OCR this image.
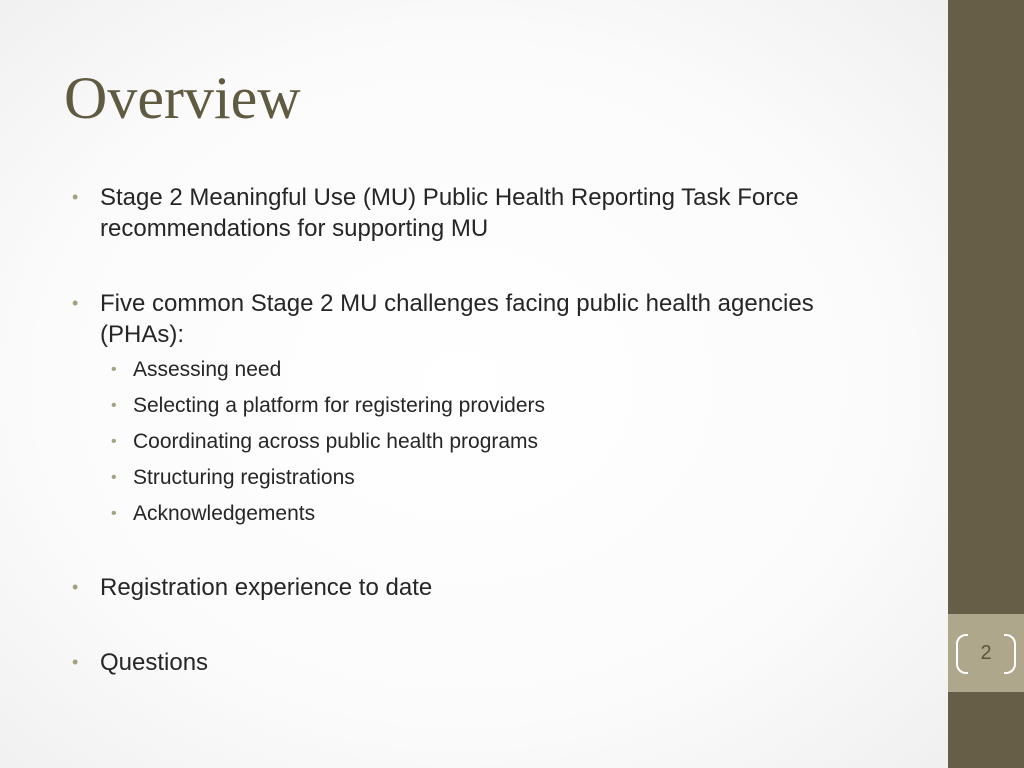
Overview
• Stage 2 Meaningful Use (MU) Public Health Reporting Task Force recommendations for supporting MU
• Five common Stage 2 MU challenges facing public health agencies (PHAs):
• Assessing need
• Selecting a platform for registering providers
• Coordinating across public health programs
• Structuring registrations
• Acknowledgements
• Registration experience to date
• Questions	2
